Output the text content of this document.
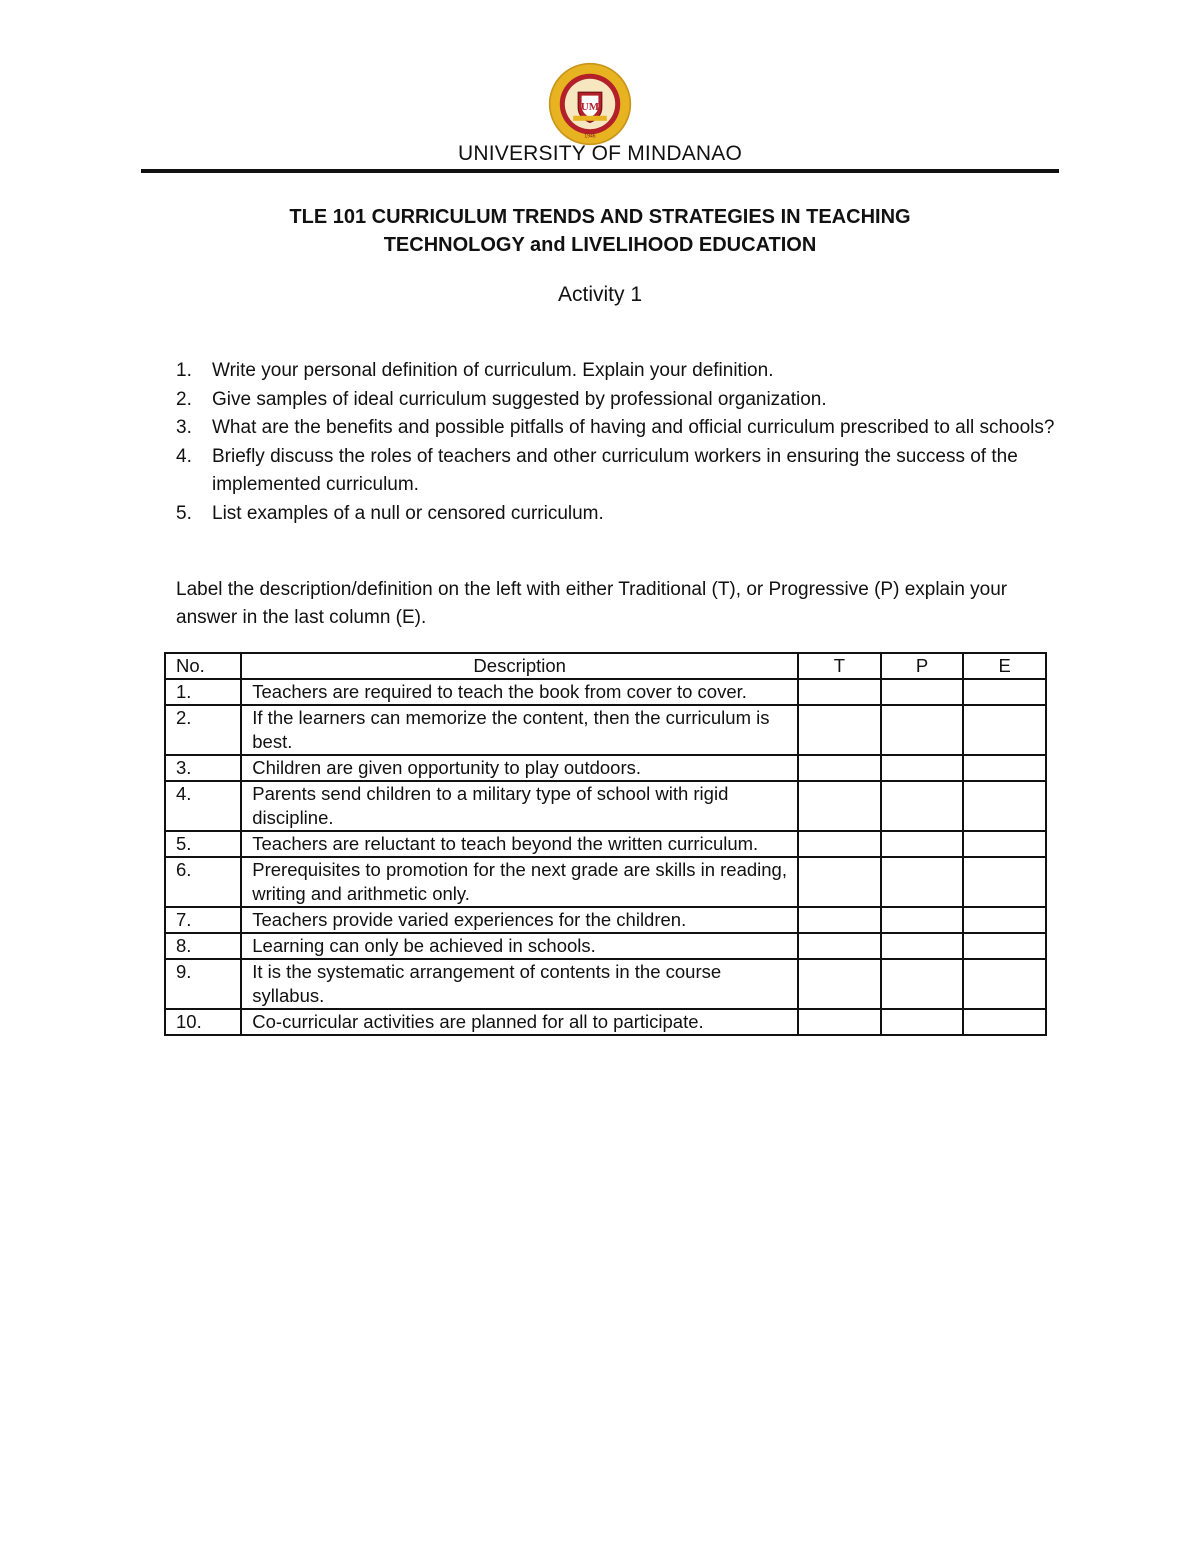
UM
1946
UNIVERSITY OF MINDANAO
TLE 101 CURRICULUM TRENDS AND STRATEGIES IN TEACHING
TECHNOLOGY and LIVELIHOOD EDUCATION
Activity 1
1. Write your personal definition of curriculum. Explain your definition.
2. Give samples of ideal curriculum suggested by professional organization.
3. What are the benefits and possible pitfalls of having and official curriculum prescribed to all schools?
4. Briefly discuss the roles of teachers and other curriculum workers in ensuring the success of the implemented curriculum.
5. List examples of a null or censored curriculum.
Label the description/definition on the left with either Traditional (T), or Progressive (P) explain your answer in the last column (E).
No.	Description	T	P	E
1.	Teachers are required to teach the book from cover to cover.			
2.	If the learners can memorize the content, then the curriculum is best.			
3.	Children are given opportunity to play outdoors.			
4.	Parents send children to a military type of school with rigid discipline.			
5.	Teachers are reluctant to teach beyond the written curriculum.			
6.	Prerequisites to promotion for the next grade are skills in reading, writing and arithmetic only.			
7.	Teachers provide varied experiences for the children.			
8.	Learning can only be achieved in schools.			
9.	It is the systematic arrangement of contents in the course syllabus.			
10.	Co-curricular activities are planned for all to participate.			
